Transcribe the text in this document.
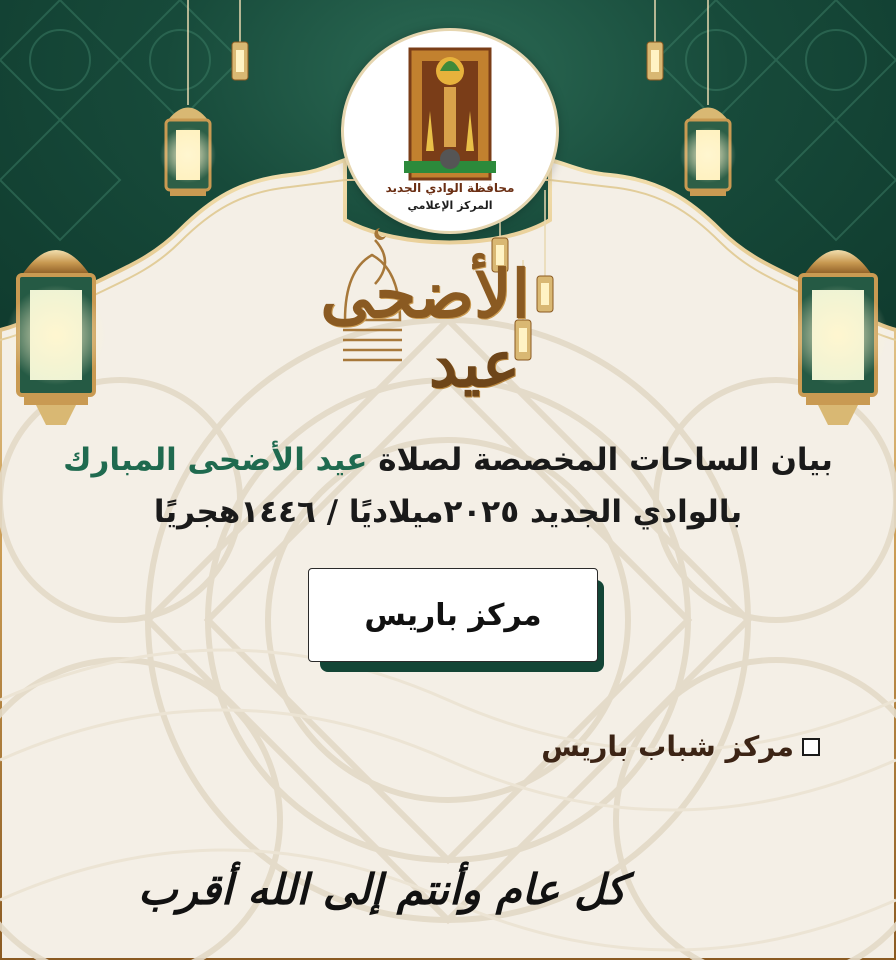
محافظة الوادي الجديد
المركز الإعلامي
الأضحى
عيد
بيان الساحات المخصصة لصلاة عيد الأضحى المبارك
بالوادي الجديد ٢٠٢٥ميلاديًا / ١٤٤٦هجريًا
مركز باريس
مركز شباب باريس
كل عام وأنتم إلى الله أقرب
